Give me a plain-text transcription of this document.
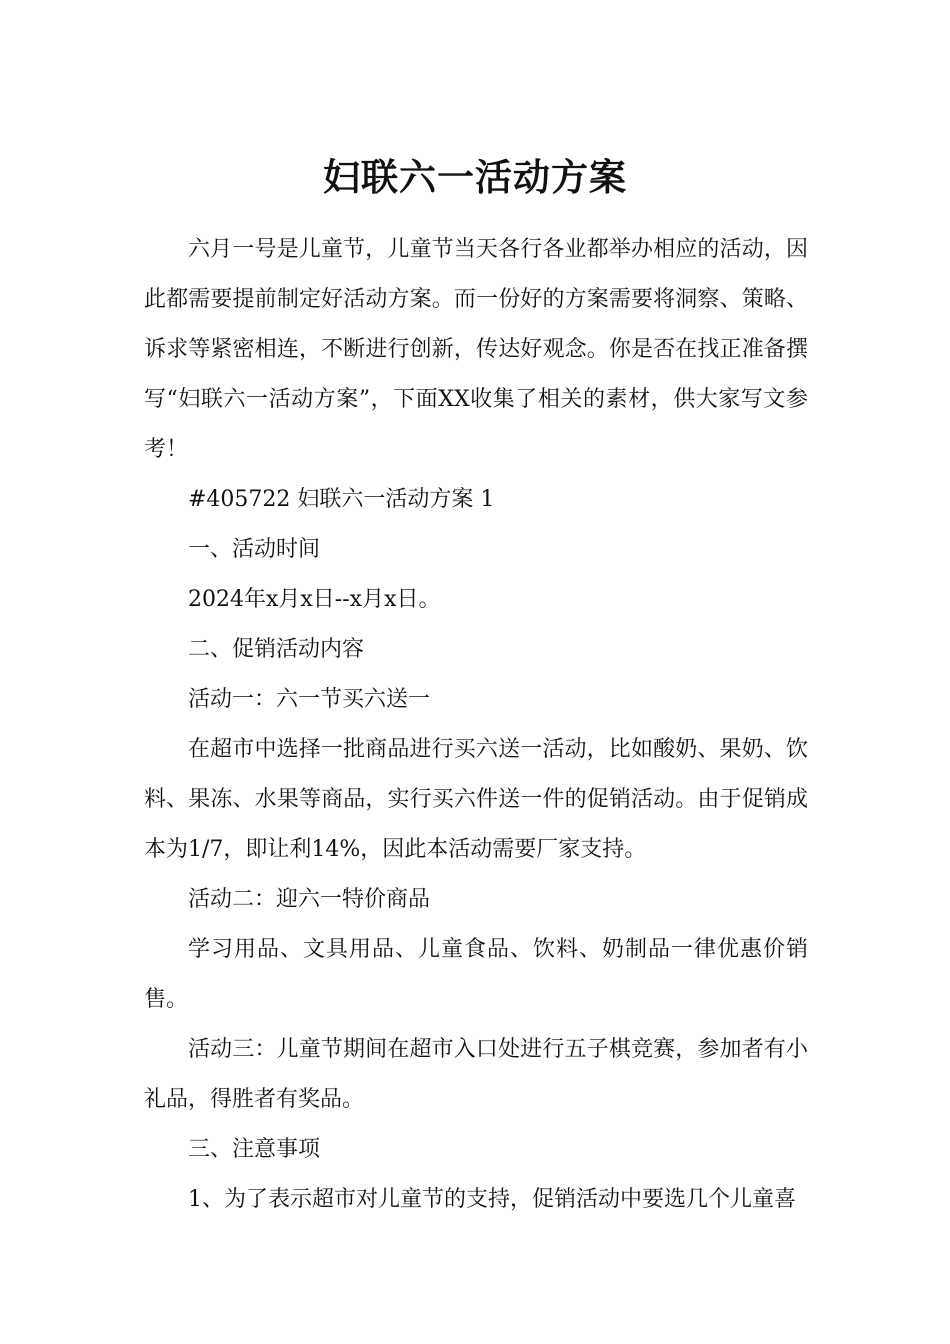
妇联六一活动方案

六月一号是儿童节，儿童节当天各行各业都举办相应的活动，因此都需要提前制定好活动方案。而一份好的方案需要将洞察、策略、诉求等紧密相连，不断进行创新，传达好观念。你是否在找正准备撰写“妇联六一活动方案”，下面XX收集了相关的素材，供大家写文参考！

#405722 妇联六一活动方案 1

一、活动时间

2024年x月x日--x月x日。

二、促销活动内容

活动一：六一节买六送一

在超市中选择一批商品进行买六送一活动，比如酸奶、果奶、饮料、果冻、水果等商品，实行买六件送一件的促销活动。由于促销成本为1/7，即让利14%，因此本活动需要厂家支持。

活动二：迎六一特价商品

学习用品、文具用品、儿童食品、饮料、奶制品一律优惠价销售。

活动三：儿童节期间在超市入口处进行五子棋竞赛，参加者有小礼品，得胜者有奖品。

三、注意事项

1、为了表示超市对儿童节的支持，促销活动中要选几个儿童喜
